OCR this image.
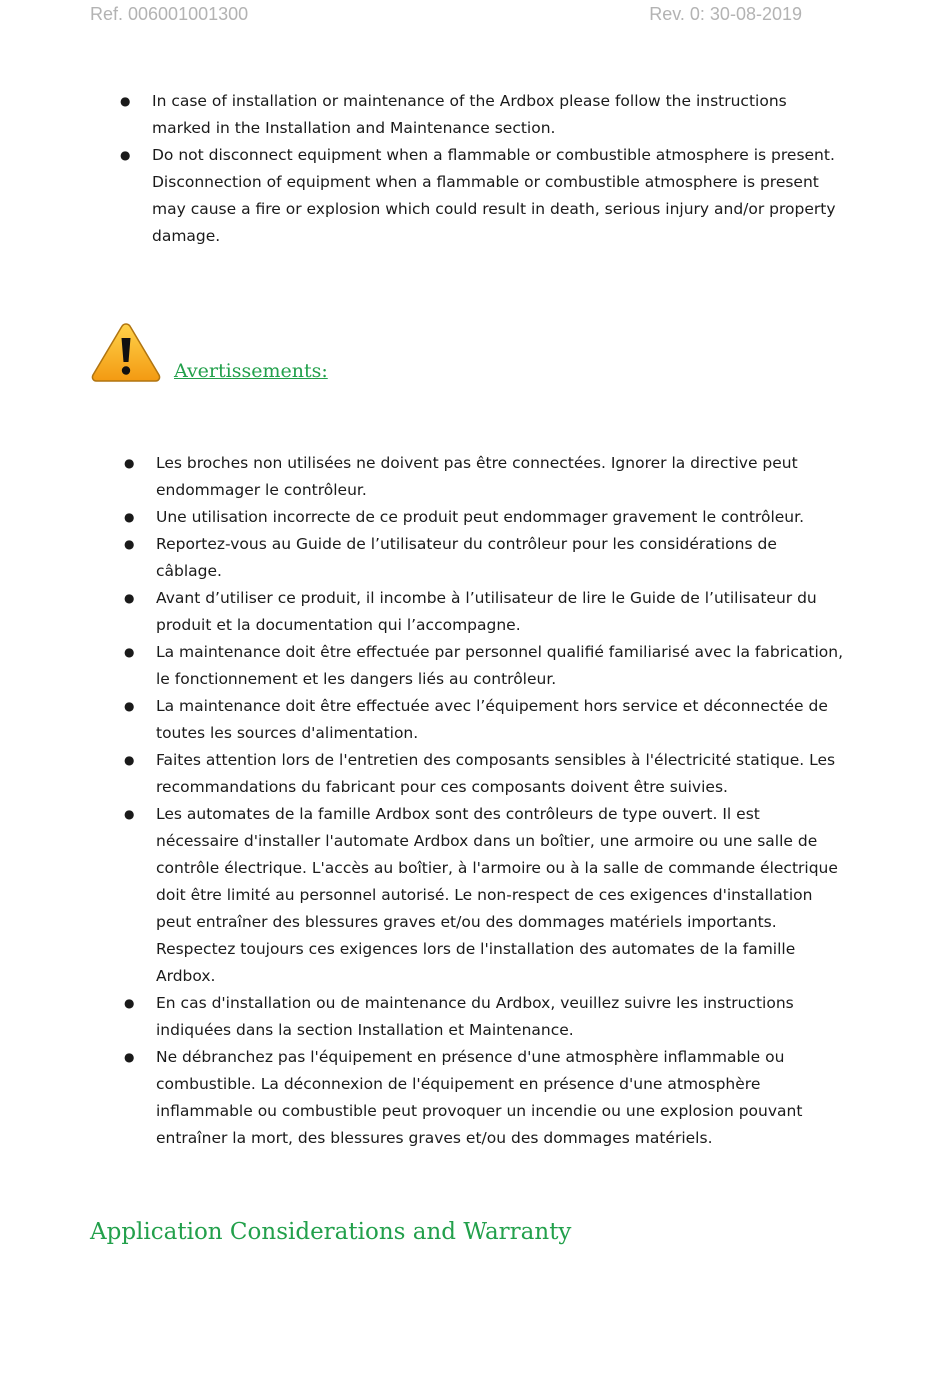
Ref. 006001001300	Rev. 0: 30-08-2019
● In case of installation or maintenance of the Ardbox please follow the instructions marked in the Installation and Maintenance section.
● Do not disconnect equipment when a flammable or combustible atmosphere is present. Disconnection of equipment when a flammable or combustible atmosphere is present may cause a fire or explosion which could result in death, serious injury and/or property damage.
Avertissements:
● Les broches non utilisées ne doivent pas être connectées. Ignorer la directive peut endommager le contrôleur.
● Une utilisation incorrecte de ce produit peut endommager gravement le contrôleur.
● Reportez-vous au Guide de l’utilisateur du contrôleur pour les considérations de câblage.
● Avant d’utiliser ce produit, il incombe à l’utilisateur de lire le Guide de l’utilisateur du produit et la documentation qui l’accompagne.
● La maintenance doit être effectuée par personnel qualifié familiarisé avec la fabrication, le fonctionnement et les dangers liés au contrôleur.
● La maintenance doit être effectuée avec l’équipement hors service et déconnectée de toutes les sources d'alimentation.
● Faites attention lors de l'entretien des composants sensibles à l'électricité statique. Les recommandations du fabricant pour ces composants doivent être suivies.
● Les automates de la famille Ardbox sont des contrôleurs de type ouvert. Il est nécessaire d'installer l'automate Ardbox dans un boîtier, une armoire ou une salle de contrôle électrique. L'accès au boîtier, à l'armoire ou à la salle de commande électrique doit être limité au personnel autorisé. Le non-respect de ces exigences d'installation peut entraîner des blessures graves et/ou des dommages matériels importants. Respectez toujours ces exigences lors de l'installation des automates de la famille Ardbox.
● En cas d'installation ou de maintenance du Ardbox, veuillez suivre les instructions indiquées dans la section Installation et Maintenance.
● Ne débranchez pas l'équipement en présence d'une atmosphère inflammable ou combustible. La déconnexion de l'équipement en présence d'une atmosphère inflammable ou combustible peut provoquer un incendie ou une explosion pouvant entraîner la mort, des blessures graves et/ou des dommages matériels.
Application Considerations and Warranty
